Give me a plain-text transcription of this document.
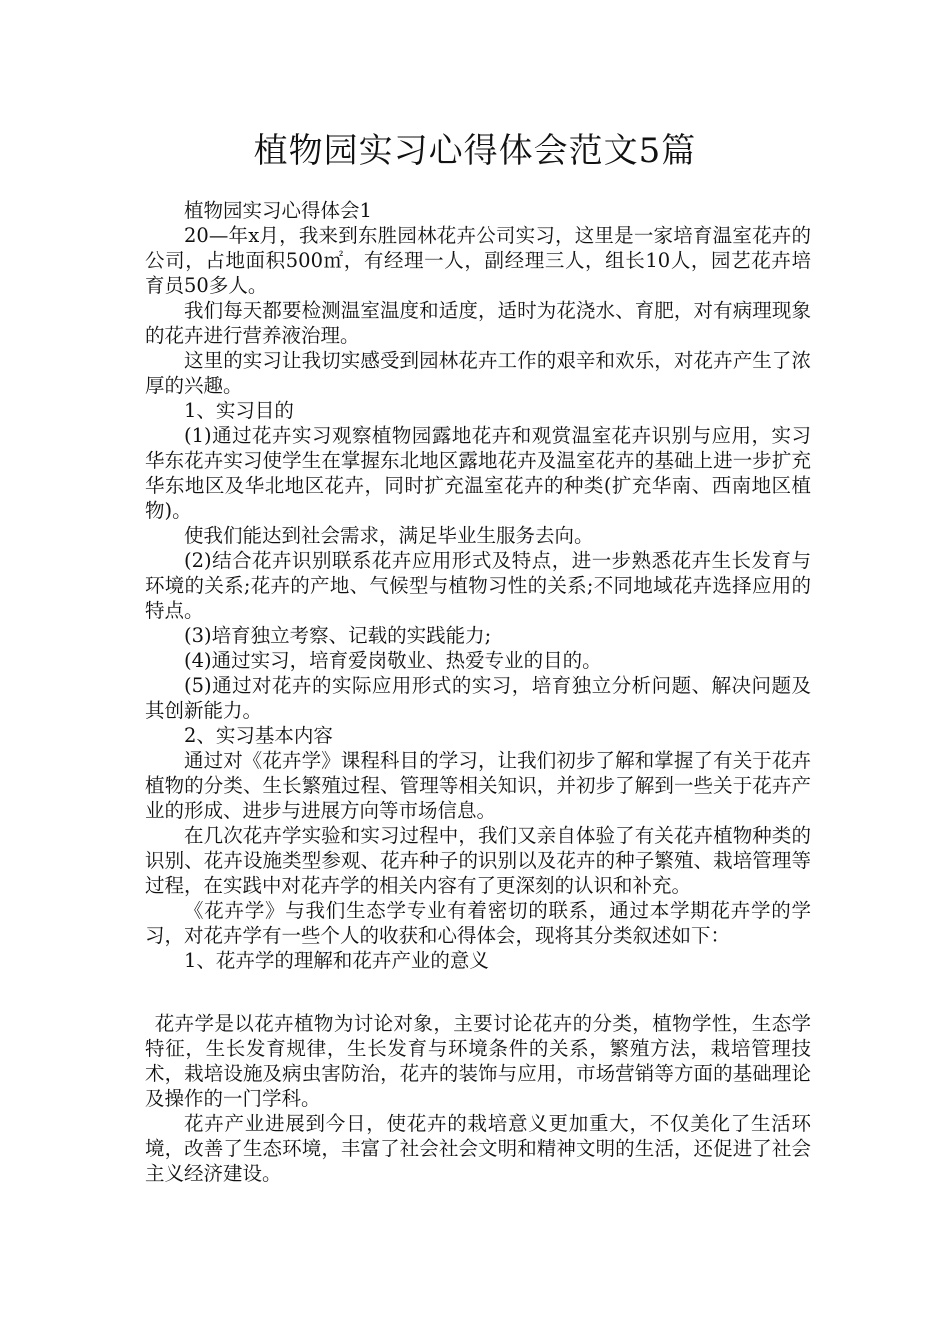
植物园实习心得体会范文5篇

植物园实习心得体会1

20—年x月，我来到东胜园林花卉公司实习，这里是一家培育温室花卉的公司，占地面积500㎡，有经理一人，副经理三人，组长10人，园艺花卉培育员50多人。

我们每天都要检测温室温度和适度，适时为花浇水、育肥，对有病理现象的花卉进行营养液治理。

这里的实习让我切实感受到园林花卉工作的艰辛和欢乐，对花卉产生了浓厚的兴趣。

1、实习目的

(1)通过花卉实习观察植物园露地花卉和观赏温室花卉识别与应用，实习华东花卉实习使学生在掌握东北地区露地花卉及温室花卉的基础上进一步扩充华东地区及华北地区花卉，同时扩充温室花卉的种类(扩充华南、西南地区植物)。

使我们能达到社会需求，满足毕业生服务去向。

(2)结合花卉识别联系花卉应用形式及特点，进一步熟悉花卉生长发育与环境的关系;花卉的产地、气候型与植物习性的关系;不同地域花卉选择应用的特点。

(3)培育独立考察、记载的实践能力;

(4)通过实习，培育爱岗敬业、热爱专业的目的。

(5)通过对花卉的实际应用形式的实习，培育独立分析问题、解决问题及其创新能力。

2、实习基本内容

通过对《花卉学》课程科目的学习，让我们初步了解和掌握了有关于花卉植物的分类、生长繁殖过程、管理等相关知识，并初步了解到一些关于花卉产业的形成、进步与进展方向等市场信息。

在几次花卉学实验和实习过程中，我们又亲自体验了有关花卉植物种类的识别、花卉设施类型参观、花卉种子的识别以及花卉的种子繁殖、栽培管理等过程，在实践中对花卉学的相关内容有了更深刻的认识和补充。

《花卉学》与我们生态学专业有着密切的联系，通过本学期花卉学的学习，对花卉学有一些个人的收获和心得体会，现将其分类叙述如下：

1、花卉学的理解和花卉产业的意义

花卉学是以花卉植物为讨论对象，主要讨论花卉的分类，植物学性，生态学特征，生长发育规律，生长发育与环境条件的关系，繁殖方法，栽培管理技术，栽培设施及病虫害防治，花卉的装饰与应用，市场营销等方面的基础理论及操作的一门学科。

花卉产业进展到今日，使花卉的栽培意义更加重大，不仅美化了生活环境，改善了生态环境，丰富了社会社会文明和精神文明的生活，还促进了社会主义经济建设。
